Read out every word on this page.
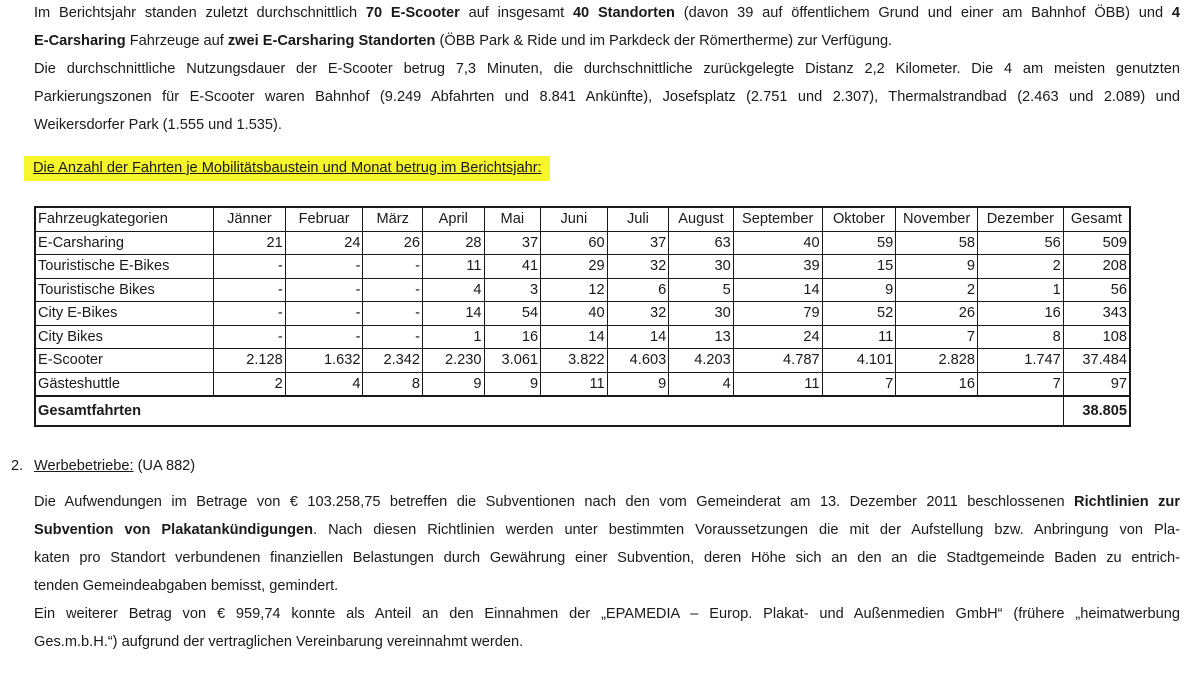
Im Berichtsjahr standen zuletzt durchschnittlich 70 E-Scooter auf insgesamt 40 Standorten (davon 39 auf öffentlichem Grund und einer am Bahnhof ÖBB) und 4
E-Carsharing Fahrzeuge auf zwei E-Carsharing Standorten (ÖBB Park & Ride und im Parkdeck der Römertherme) zur Verfügung.
Die durchschnittliche Nutzungsdauer der E-Scooter betrug 7,3 Minuten, die durchschnittliche zurückgelegte Distanz 2,2 Kilometer. Die 4 am meisten genutzten
Parkierungszonen für E-Scooter waren Bahnhof (9.249 Abfahrten und 8.841 Ankünfte), Josefsplatz (2.751 und 2.307), Thermalstrandbad (2.463 und 2.089) und
Weikersdorfer Park (1.555 und 1.535).
Die Anzahl der Fahrten je Mobilitätsbaustein und Monat betrug im Berichtsjahr:
Fahrzeugkategorien	Jänner	Februar	März	April	Mai	Juni	Juli	August	September	Oktober	November	Dezember	Gesamt
E-Carsharing	21	24	26	28	37	60	37	63	40	59	58	56	509
Touristische E-Bikes	-	-	-	11	41	29	32	30	39	15	9	2	208
Touristische Bikes	-	-	-	4	3	12	6	5	14	9	2	1	56
City E-Bikes	-	-	-	14	54	40	32	30	79	52	26	16	343
City Bikes	-	-	-	1	16	14	14	13	24	11	7	8	108
E-Scooter	2.128	1.632	2.342	2.230	3.061	3.822	4.603	4.203	4.787	4.101	2.828	1.747	37.484
Gästeshuttle	2	4	8	9	9	11	9	4	11	7	16	7	97
Gesamtfahrten													38.805
2. Werbebetriebe: (UA 882)
Die Aufwendungen im Betrage von € 103.258,75 betreffen die Subventionen nach den vom Gemeinderat am 13. Dezember 2011 beschlossenen Richtlinien zur
Subvention von Plakatankündigungen. Nach diesen Richtlinien werden unter bestimmten Voraussetzungen die mit der Aufstellung bzw. Anbringung von Pla-
katen pro Standort verbundenen finanziellen Belastungen durch Gewährung einer Subvention, deren Höhe sich an den an die Stadtgemeinde Baden zu entrich-
tenden Gemeindeabgaben bemisst, gemindert.
Ein weiterer Betrag von € 959,74 konnte als Anteil an den Einnahmen der „EPAMEDIA – Europ. Plakat- und Außenmedien GmbH“ (frühere „heimatwerbung
Ges.m.b.H.“) aufgrund der vertraglichen Vereinbarung vereinnahmt werden.
